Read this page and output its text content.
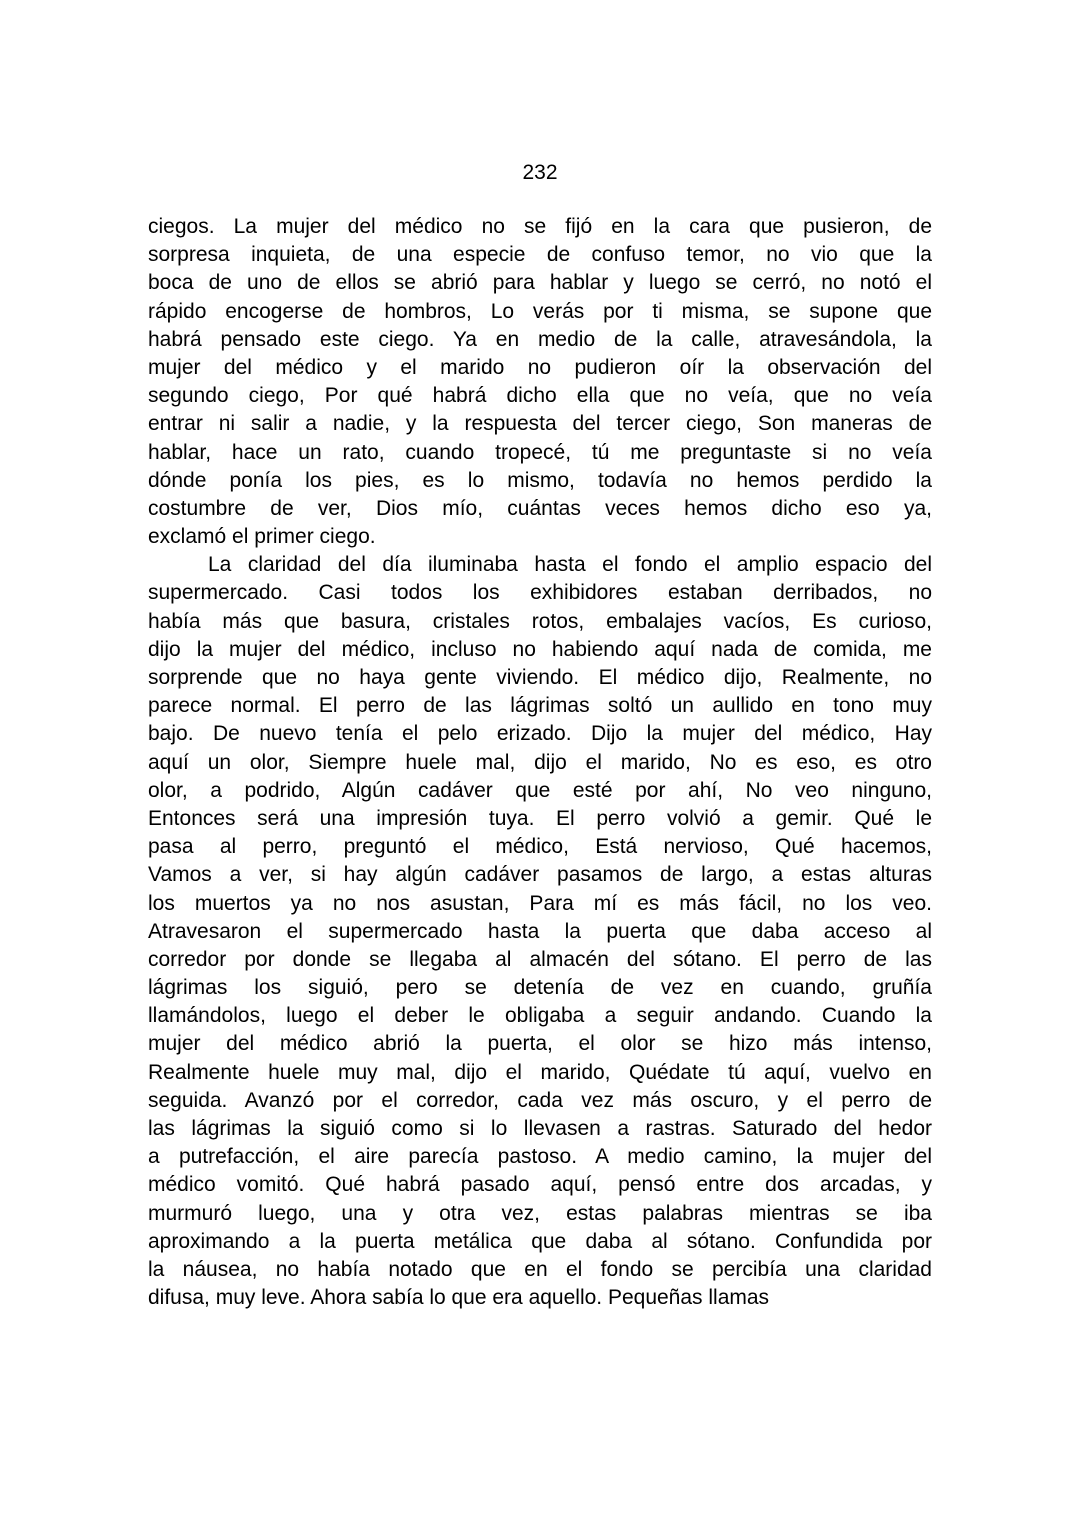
232
ciegos. La mujer del médico no se fijó en la cara que pusieron, de
sorpresa inquieta, de una especie de confuso temor, no vio que la
boca de uno de ellos se abrió para hablar y luego se cerró, no notó el
rápido encogerse de hombros, Lo verás por ti misma, se supone que
habrá pensado este ciego. Ya en medio de la calle, atravesándola, la
mujer del médico y el marido no pudieron oír la observación del
segundo ciego, Por qué habrá dicho ella que no veía, que no veía
entrar ni salir a nadie, y la respuesta del tercer ciego, Son maneras de
hablar, hace un rato, cuando tropecé, tú me preguntaste si no veía
dónde ponía los pies, es lo mismo, todavía no hemos perdido la
costumbre de ver, Dios mío, cuántas veces hemos dicho eso ya,
exclamó el primer ciego.
La claridad del día iluminaba hasta el fondo el amplio espacio del
supermercado. Casi todos los exhibidores estaban derribados, no
había más que basura, cristales rotos, embalajes vacíos, Es curioso,
dijo la mujer del médico, incluso no habiendo aquí nada de comida, me
sorprende que no haya gente viviendo. El médico dijo, Realmente, no
parece normal. El perro de las lágrimas soltó un aullido en tono muy
bajo. De nuevo tenía el pelo erizado. Dijo la mujer del médico, Hay
aquí un olor, Siempre huele mal, dijo el marido, No es eso, es otro
olor, a podrido, Algún cadáver que esté por ahí, No veo ninguno,
Entonces será una impresión tuya. El perro volvió a gemir. Qué le
pasa al perro, preguntó el médico, Está nervioso, Qué hacemos,
Vamos a ver, si hay algún cadáver pasamos de largo, a estas alturas
los muertos ya no nos asustan, Para mí es más fácil, no los veo.
Atravesaron el supermercado hasta la puerta que daba acceso al
corredor por donde se llegaba al almacén del sótano. El perro de las
lágrimas los siguió, pero se detenía de vez en cuando, gruñía
llamándolos, luego el deber le obligaba a seguir andando. Cuando la
mujer del médico abrió la puerta, el olor se hizo más intenso,
Realmente huele muy mal, dijo el marido, Quédate tú aquí, vuelvo en
seguida. Avanzó por el corredor, cada vez más oscuro, y el perro de
las lágrimas la siguió como si lo llevasen a rastras. Saturado del hedor
a putrefacción, el aire parecía pastoso. A medio camino, la mujer del
médico vomitó. Qué habrá pasado aquí, pensó entre dos arcadas, y
murmuró luego, una y otra vez, estas palabras mientras se iba
aproximando a la puerta metálica que daba al sótano. Confundida por
la náusea, no había notado que en el fondo se percibía una claridad
difusa, muy leve. Ahora sabía lo que era aquello. Pequeñas llamas
